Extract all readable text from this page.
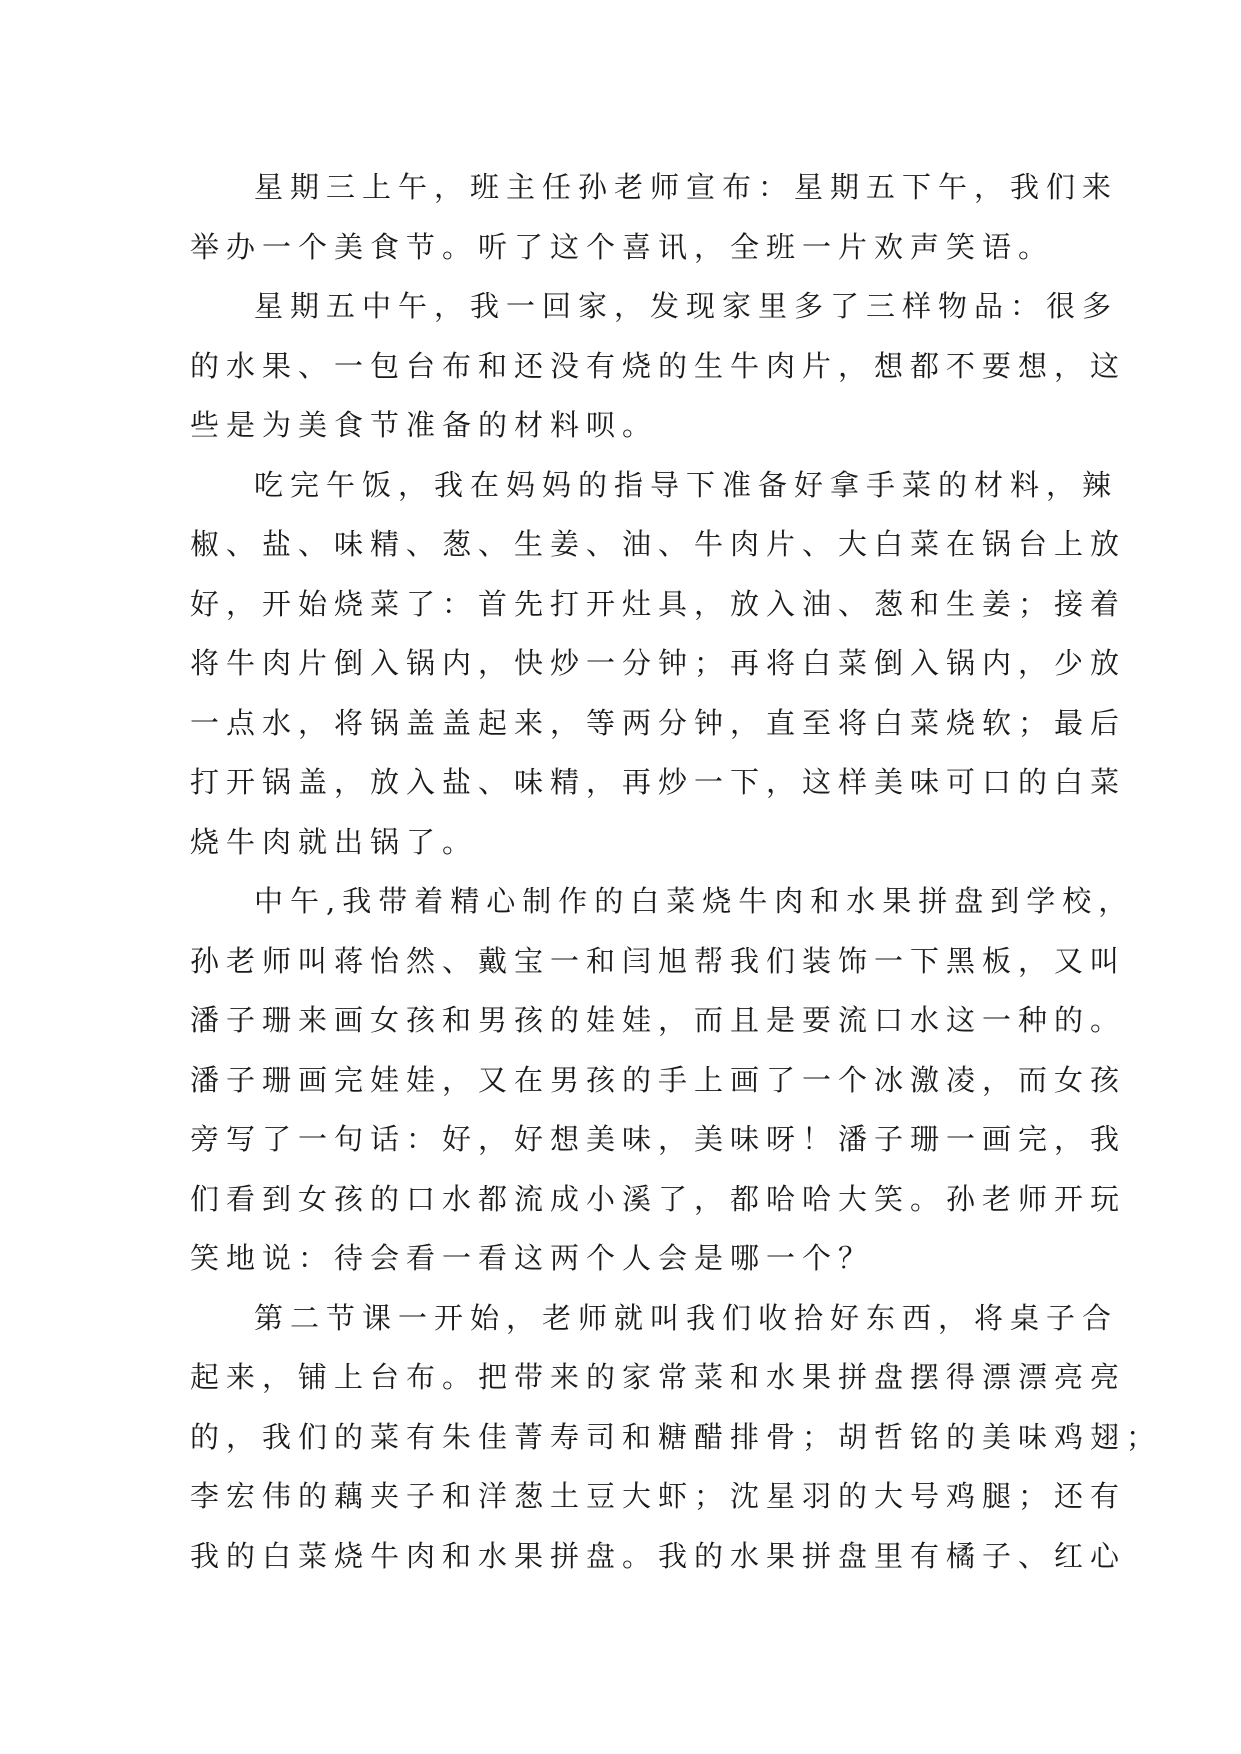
星期三上午，班主任孙老师宣布：星期五下午，我们来
举办一个美食节。听了这个喜讯，全班一片欢声笑语。

星期五中午，我一回家，发现家里多了三样物品：很多
的水果、一包台布和还没有烧的生牛肉片，想都不要想，这
些是为美食节准备的材料呗。

吃完午饭，我在妈妈的指导下准备好拿手菜的材料，辣
椒、盐、味精、葱、生姜、油、牛肉片、大白菜在锅台上放
好，开始烧菜了：首先打开灶具，放入油、葱和生姜；接着
将牛肉片倒入锅内，快炒一分钟；再将白菜倒入锅内，少放
一点水，将锅盖盖起来，等两分钟，直至将白菜烧软；最后
打开锅盖，放入盐、味精，再炒一下，这样美味可口的白菜
烧牛肉就出锅了。

中午,我带着精心制作的白菜烧牛肉和水果拼盘到学校，
孙老师叫蒋怡然、戴宝一和闫旭帮我们装饰一下黑板，又叫
潘子珊来画女孩和男孩的娃娃，而且是要流口水这一种的。
潘子珊画完娃娃，又在男孩的手上画了一个冰激凌，而女孩
旁写了一句话：好，好想美味，美味呀！潘子珊一画完，我
们看到女孩的口水都流成小溪了，都哈哈大笑。孙老师开玩
笑地说：待会看一看这两个人会是哪一个？

第二节课一开始，老师就叫我们收拾好东西，将桌子合
起来，铺上台布。把带来的家常菜和水果拼盘摆得漂漂亮亮
的，我们的菜有朱佳菁寿司和糖醋排骨；胡哲铭的美味鸡翅；
李宏伟的藕夹子和洋葱土豆大虾；沈星羽的大号鸡腿；还有
我的白菜烧牛肉和水果拼盘。我的水果拼盘里有橘子、红心
